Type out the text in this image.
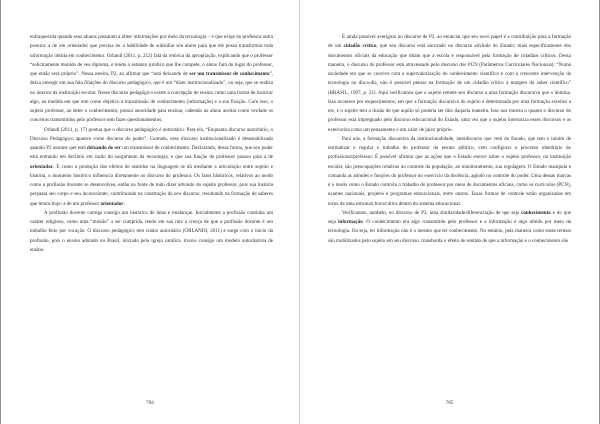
enfraquecida quando seus alunos passaram a obter informações por meio da tecnologia – o que exige do professor outra postura: a de um orientador que precisa ter a habilidade de subsidiar seu aluno para que ele possa transformar toda informação obtida em conhecimento. Orlandi (2011, p. 252) fala da retórica da apropriação, explicando que o professor “solicitamente munido de seu diploma, e tendo o estatuto jurídico que lhe compete, o aluno fará do lugar do professor, que então será próprio”. Nessa esteira, P2, ao afirmar que “está deixando de ser um transmissor de conhecimento”, deixa emergir em sua fala filiações do discurso pedagógico, que é um “dizer institucionalizado”, ou seja, que se realiza no interior da instituição escolar. Nesse discurso pedagógico existe a concepção de ensino como uma forma de inculcar algo, na medida em que tem como objetivo a transmissão de conhecimento (informação) e a sua fixação. Com isso, o sujeito professor, ao deter o conhecimento, possui autoridade para ensinar, cabendo ao aluno aceitar como verdade os conceitos transmitidos pelo professor sem fazer questionamentos.

Orlandi (2011, p. 17) pontua que o discurso pedagógico é autoritário. Para ela, “Enquanto discurso autoritário, o Discurso Pedagógico aparece como discurso do poder”. Contudo, esse discurso institucionalizado é desestabilizado quando P2 assume que está deixando de ser um transmissor de conhecimento. Declarando, dessa forma, que seu poder está entrando em declínio em razão do surgimento da tecnologia, e que sua função de professor passou para a de orientador. E como a produção dos efeitos de sentidos na linguagem se dá mediante a articulação entre sujeito e história, o momento histórico influencia diretamente no discurso do professor. Os fatos históricos, relativos ao modo como a profissão docente se desenvolveu, então na fonte de todo dizer advindo do sujeito professor, pois sua história perpassa seu corpo e seu inconsciente, contribuindo na construção do seu discurso, resultando na formação de saberes que temos hoje: a de um professor orientador.

A profissão docente carrega consigo um histórico de lutas e mudanças. Inicialmente a profissão continha um caráter religioso, como uma “missão” a ser cumprida, tendo em sua raiz a crença de que a profissão docente é um trabalho feito por vocação. O discurso pedagógico tem cunho autoritário (ORLANDI, 2011) e surge com o início da profissão, pois o ensino adotado no Brasil, iniciado pela igreja católica, trouxe consigo um modelo autoritarista de ensino.

784

É ainda possível averiguar no discurso de P2, ao enunciar que seu novo papel é a contribuição para a formação de um cidadão crítico, que seu discurso está ancorado no discurso advindo do Estado; mais especificamente dos documentos oficiais da educação que ditam que a escola é responsável pela formação de cidadãos críticos. Dessa maneira, o discurso do professor está atravessado pelo discurso dos PCN (Parâmetros Curriculares Nacionais): “Numa sociedade em que se convive com a supervalorização do conhecimento científico e com a crescente intervenção da tecnologia no dia-a-dia, não é possível pensar na formação de um cidadão crítico à margem do saber científico” (BRASIL, 1997, p. 21). Aqui verificamos que o sujeito remete seu discurso a uma formação discursiva que o domina. Isso acontece por esquecimentos, em que a formação discursiva do sujeito é determinada por uma formação exterior a ele, e o sujeito tem a ilusão de que aquilo só poderia ser dito daquela maneira. Isso nos mostra o quanto o discurso do professor está impregnado pelo discurso educacional do Estado, uma vez que o sujeito interioriza esses discursos e os exterioriza como um pensamento e um valor de juízo próprio.

Para nós, a formação discursiva da institucionalidade, interdiscurso que vem do Estado, que tem o intuito de normalizar e regular o trabalho do professor do ensino público, vem configurar o processo identitário do profissional/professor. É possível afirmar que as ações que o Estado exerce sobre o sujeito professor, na instituição escolar, são preocupações relativas ao controle da população, ao monitoramento, sua regulagem. O Estado manipula e comanda as atitudes e funções do professor no exercício da docência, agindo no controle do poder. Uma dessas marcas é o modo como o Estado controla o trabalho do professor por meio de documentos oficiais, como os currículos (PCN), exames nacionais, projetos e programas educacionais, entre outros. Essas formas de controle estão organizadas em torno de uma estrutura burocrática dentro do sistema educacional.

Verificamos, também, no discurso de P2, uma similaridade/diferenciação de que seja conhecimento e do que seja informação. O conhecimento era algo transmitido pelo professor e a informação é algo obtido por meio da tecnologia. Ou seja, ter informação não é o mesmo que ter conhecimento. No entanto, pela maneira como esses termos são mobilizados pelo sujeito em seu discurso, transborda o efeito de sentido de que a informação e o conhecimento são

785
